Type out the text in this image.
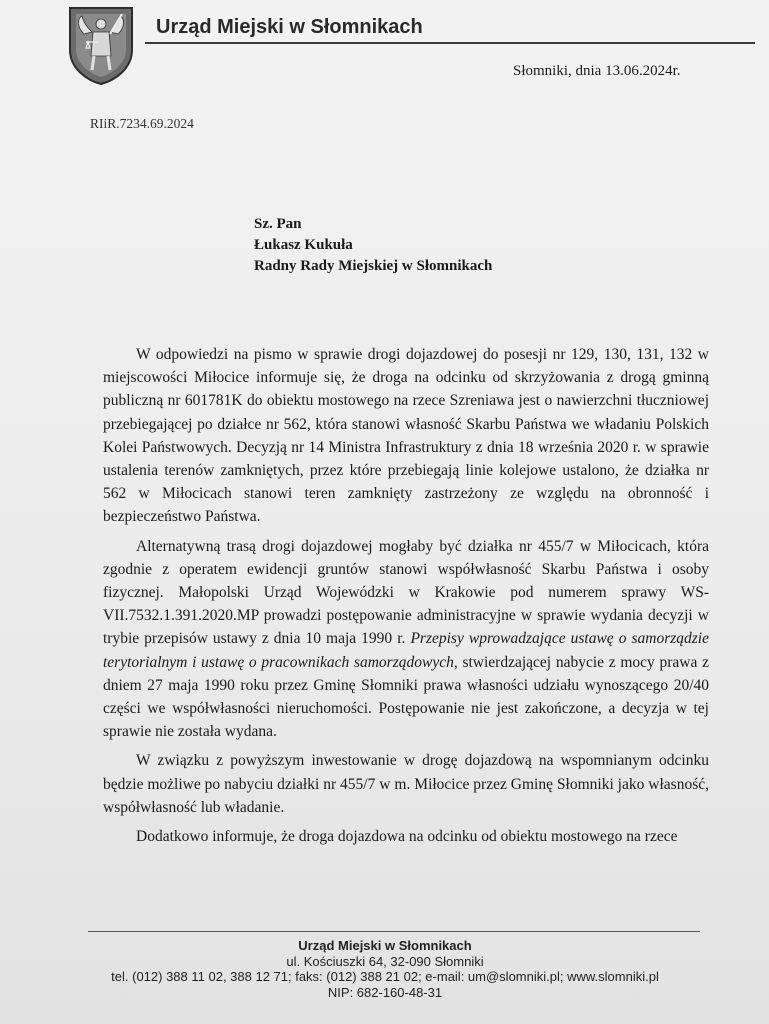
Urząd Miejski w Słomnikach
Słomniki, dnia 13.06.2024r.
RIiR.7234.69.2024
Sz. Pan
Łukasz Kukuła
Radny Rady Miejskiej w Słomnikach

W odpowiedzi na pismo w sprawie drogi dojazdowej do posesji nr 129, 130, 131, 132 w miejscowości Miłocice informuje się, że droga na odcinku od skrzyżowania z drogą gminną publiczną nr 601781K do obiektu mostowego na rzece Szreniawa jest o nawierzchni tłuczniowej przebiegającej po działce nr 562, która stanowi własność Skarbu Państwa we władaniu Polskich Kolei Państwowych. Decyzją nr 14 Ministra Infrastruktury z dnia 18 września 2020 r. w sprawie ustalenia terenów zamkniętych, przez które przebiegają linie kolejowe ustalono, że działka nr 562 w Miłocicach stanowi teren zamknięty zastrzeżony ze względu na obronność i bezpieczeństwo Państwa.

Alternatywną trasą drogi dojazdowej mogłaby być działka nr 455/7 w Miłocicach, która zgodnie z operatem ewidencji gruntów stanowi współwłasność Skarbu Państwa i osoby fizycznej. Małopolski Urząd Wojewódzki w Krakowie pod numerem sprawy WS-VII.7532.1.391.2020.MP prowadzi postępowanie administracyjne w sprawie wydania decyzji w trybie przepisów ustawy z dnia 10 maja 1990 r. Przepisy wprowadzające ustawę o samorządzie terytorialnym i ustawę o pracownikach samorządowych, stwierdzającej nabycie z mocy prawa z dniem 27 maja 1990 roku przez Gminę Słomniki prawa własności udziału wynoszącego 20/40 części we współwłasności nieruchomości. Postępowanie nie jest zakończone, a decyzja w tej sprawie nie została wydana.

W związku z powyższym inwestowanie w drogę dojazdową na wspomnianym odcinku będzie możliwe po nabyciu działki nr 455/7 w m. Miłocice przez Gminę Słomniki jako własność, współwłasność lub władanie.

Dodatkowo informuje, że droga dojazdowa na odcinku od obiektu mostowego na rzece

Urząd Miejski w Słomnikach
ul. Kościuszki 64, 32-090 Słomniki
tel. (012) 388 11 02, 388 12 71; faks: (012) 388 21 02; e-mail: um@slomniki.pl; www.slomniki.pl
NIP: 682-160-48-31
